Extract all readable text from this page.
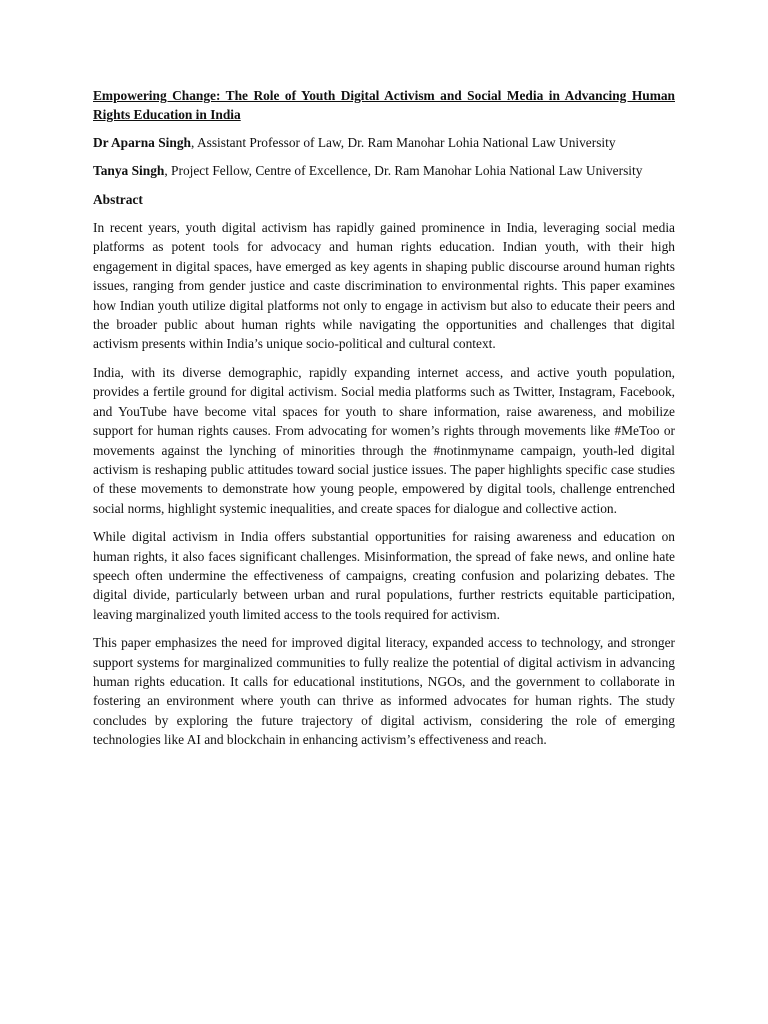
Empowering Change: The Role of Youth Digital Activism and Social Media in Advancing Human Rights Education in India
Dr Aparna Singh, Assistant Professor of Law, Dr. Ram Manohar Lohia National Law University
Tanya Singh, Project Fellow, Centre of Excellence, Dr. Ram Manohar Lohia National Law University
Abstract

In recent years, youth digital activism has rapidly gained prominence in India, leveraging social media platforms as potent tools for advocacy and human rights education. Indian youth, with their high engagement in digital spaces, have emerged as key agents in shaping public discourse around human rights issues, ranging from gender justice and caste discrimination to environmental rights. This paper examines how Indian youth utilize digital platforms not only to engage in activism but also to educate their peers and the broader public about human rights while navigating the opportunities and challenges that digital activism presents within India’s unique socio-political and cultural context.

India, with its diverse demographic, rapidly expanding internet access, and active youth population, provides a fertile ground for digital activism. Social media platforms such as Twitter, Instagram, Facebook, and YouTube have become vital spaces for youth to share information, raise awareness, and mobilize support for human rights causes. From advocating for women’s rights through movements like #MeToo or movements against the lynching of minorities through the #notinmyname campaign, youth-led digital activism is reshaping public attitudes toward social justice issues. The paper highlights specific case studies of these movements to demonstrate how young people, empowered by digital tools, challenge entrenched social norms, highlight systemic inequalities, and create spaces for dialogue and collective action.

While digital activism in India offers substantial opportunities for raising awareness and education on human rights, it also faces significant challenges. Misinformation, the spread of fake news, and online hate speech often undermine the effectiveness of campaigns, creating confusion and polarizing debates. The digital divide, particularly between urban and rural populations, further restricts equitable participation, leaving marginalized youth limited access to the tools required for activism.

This paper emphasizes the need for improved digital literacy, expanded access to technology, and stronger support systems for marginalized communities to fully realize the potential of digital activism in advancing human rights education. It calls for educational institutions, NGOs, and the government to collaborate in fostering an environment where youth can thrive as informed advocates for human rights. The study concludes by exploring the future trajectory of digital activism, considering the role of emerging technologies like AI and blockchain in enhancing activism’s effectiveness and reach.
